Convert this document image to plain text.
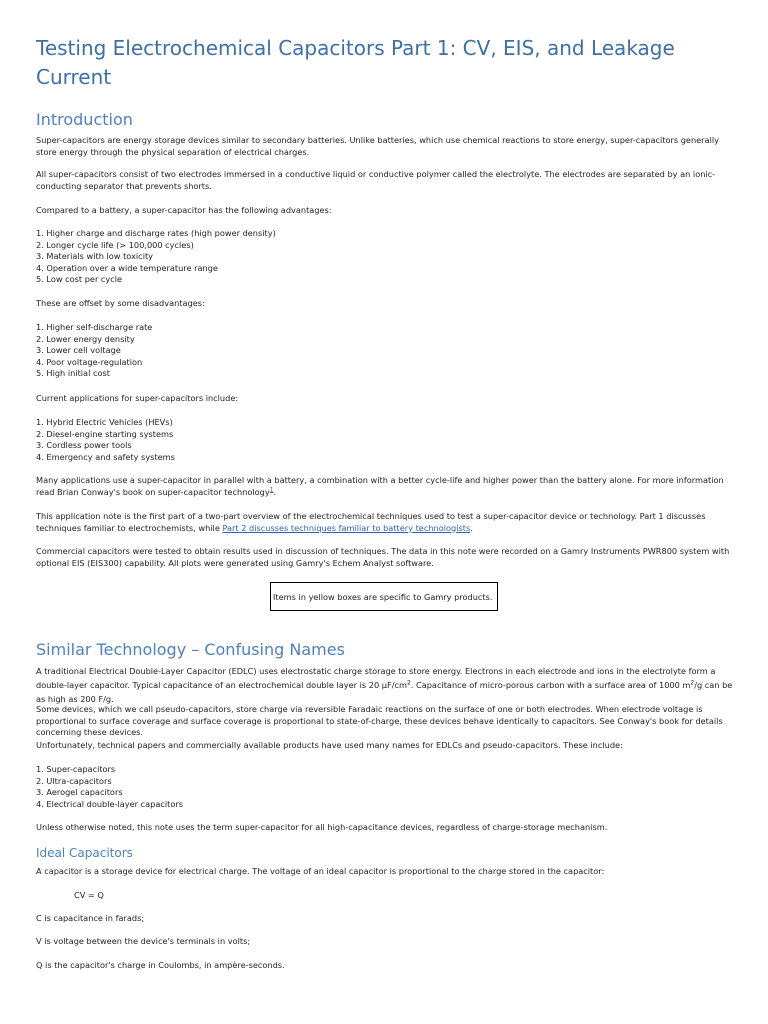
Testing Electrochemical Capacitors Part 1: CV, EIS, and Leakage Current
Introduction

Super-capacitors are energy storage devices similar to secondary batteries. Unlike batteries, which use chemical reactions to store energy, super-capacitors generally store energy through the physical separation of electrical charges.

All super-capacitors consist of two electrodes immersed in a conductive liquid or conductive polymer called the electrolyte. The electrodes are separated by an ionic-conducting separator that prevents shorts.

Compared to a battery, a super-capacitor has the following advantages:

1. Higher charge and discharge rates (high power density)
2. Longer cycle life (> 100,000 cycles)
3. Materials with low toxicity
4. Operation over a wide temperature range
5. Low cost per cycle

These are offset by some disadvantages:

1. Higher self-discharge rate
2. Lower energy density
3. Lower cell voltage
4. Poor voltage-regulation
5. High initial cost

Current applications for super-capacitors include:

1. Hybrid Electric Vehicles (HEVs)
2. Diesel-engine starting systems
3. Cordless power tools
4. Emergency and safety systems

Many applications use a super-capacitor in parallel with a battery, a combination with a better cycle-life and higher power than the battery alone. For more information read Brian Conway's book on super-capacitor technology$^1$.

This application note is the first part of a two-part overview of the electrochemical techniques used to test a super-capacitor device or technology. Part 1 discusses techniques familiar to electrochemists, while Part 2 discusses techniques familiar to battery technologists.

Commercial capacitors were tested to obtain results used in discussion of techniques. The data in this note were recorded on a Gamry Instruments PWR800 system with optional EIS (EIS300) capability. All plots were generated using Gamry's Echem Analyst software.

Items in yellow boxes are specific to Gamry products.
Similar Technology – Confusing Names

A traditional Electrical Double-Layer Capacitor (EDLC) uses electrostatic charge storage to store energy. Electrons in each electrode and ions in the electrolyte form a double-layer capacitor. Typical capacitance of an electrochemical double layer is 20 $\mu F/cm^2$. Capacitance of micro-porous carbon with a surface area of 1000 $m^2/g$ can be as high as 200 F/g.

Some devices, which we call pseudo-capacitors, store charge via reversible Faradaic reactions on the surface of one or both electrodes. When electrode voltage is proportional to surface coverage and surface coverage is proportional to state-of-charge, these devices behave identically to capacitors. See Conway's book for details concerning these devices.

Unfortunately, technical papers and commercially available products have used many names for EDLCs and pseudo-capacitors. These include:

1. Super-capacitors
2. Ultra-capacitors
3. Aerogel capacitors
4. Electrical double-layer capacitors

Unless otherwise noted, this note uses the term super-capacitor for all high-capacitance devices, regardless of charge-storage mechanism.

Ideal Capacitors

A capacitor is a storage device for electrical charge. The voltage of an ideal capacitor is proportional to the charge stored in the capacitor:

CV = Q

C is capacitance in farads;

V is voltage between the device's terminals in volts;

Q is the capacitor's charge in Coulombs, in ampère-seconds.
